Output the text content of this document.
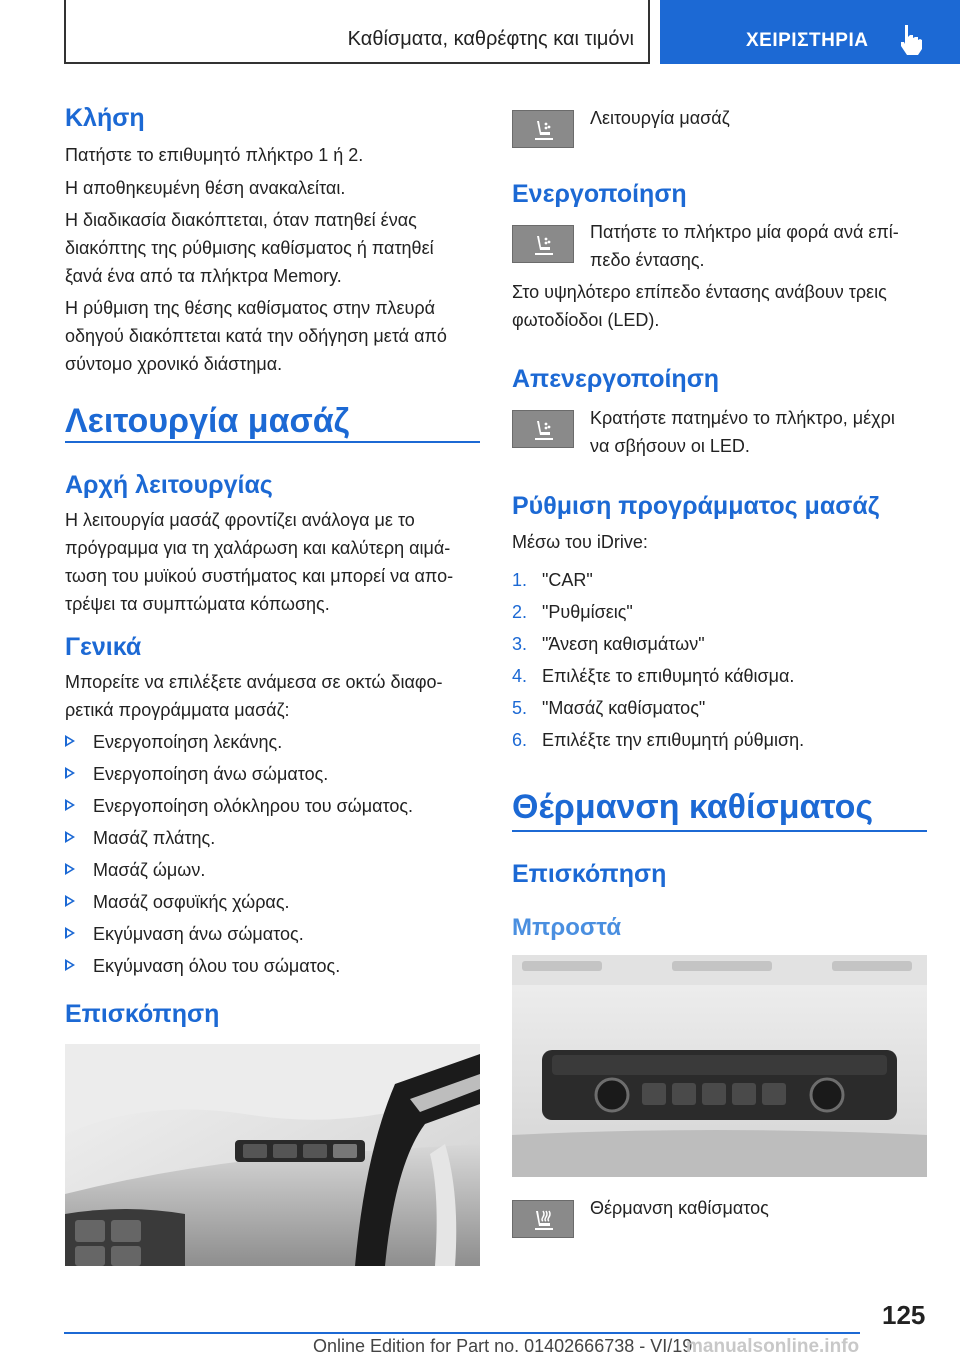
Καθίσματα, καθρέφτης και τιμόνι	ΧΕΙΡΙΣΤΗΡΙΑ
Κλήση
Πατήστε το επιθυμητό πλήκτρο 1 ή 2.
Η αποθηκευμένη θέση ανακαλείται.
Η διαδικασία διακόπτεται, όταν πατηθεί ένας
διακόπτης της ρύθμισης καθίσματος ή πατηθεί
ξανά ένα από τα πλήκτρα Memory.
Η ρύθμιση της θέσης καθίσματος στην πλευρά
οδηγού διακόπτεται κατά την οδήγηση μετά από
σύντομο χρονικό διάστημα.
Λειτουργία μασάζ
Αρχή λειτουργίας
Η λειτουργία μασάζ φροντίζει ανάλογα με το
πρόγραμμα για τη χαλάρωση και καλύτερη αιμά-
τωση του μυϊκού συστήματος και μπορεί να απο-
τρέψει τα συμπτώματα κόπωσης.
Γενικά
Μπορείτε να επιλέξετε ανάμεσα σε οκτώ διαφο-
ρετικά προγράμματα μασάζ:
Ενεργοποίηση λεκάνης.
Ενεργοποίηση άνω σώματος.
Ενεργοποίηση ολόκληρου του σώματος.
Μασάζ πλάτης.
Μασάζ ώμων.
Μασάζ οσφυϊκής χώρας.
Εκγύμναση άνω σώματος.
Εκγύμναση όλου του σώματος.
Επισκόπηση
Λειτουργία μασάζ
Ενεργοποίηση
Πατήστε το πλήκτρο μία φορά ανά επί-
πεδο έντασης.
Στο υψηλότερο επίπεδο έντασης ανάβουν τρεις
φωτοδίοδοι (LED).
Απενεργοποίηση
Κρατήστε πατημένο το πλήκτρο, μέχρι
να σβήσουν οι LED.
Ρύθμιση προγράμματος μασάζ
Μέσω του iDrive:
1. "CAR"
2. "Ρυθμίσεις"
3. "Άνεση καθισμάτων"
4. Επιλέξτε το επιθυμητό κάθισμα.
5. "Μασάζ καθίσματος"
6. Επιλέξτε την επιθυμητή ρύθμιση.
Θέρμανση καθίσματος
Επισκόπηση
Μπροστά
Θέρμανση καθίσματος
125
Online Edition for Part no. 01402666738 - VI/19
manualsonline.info
